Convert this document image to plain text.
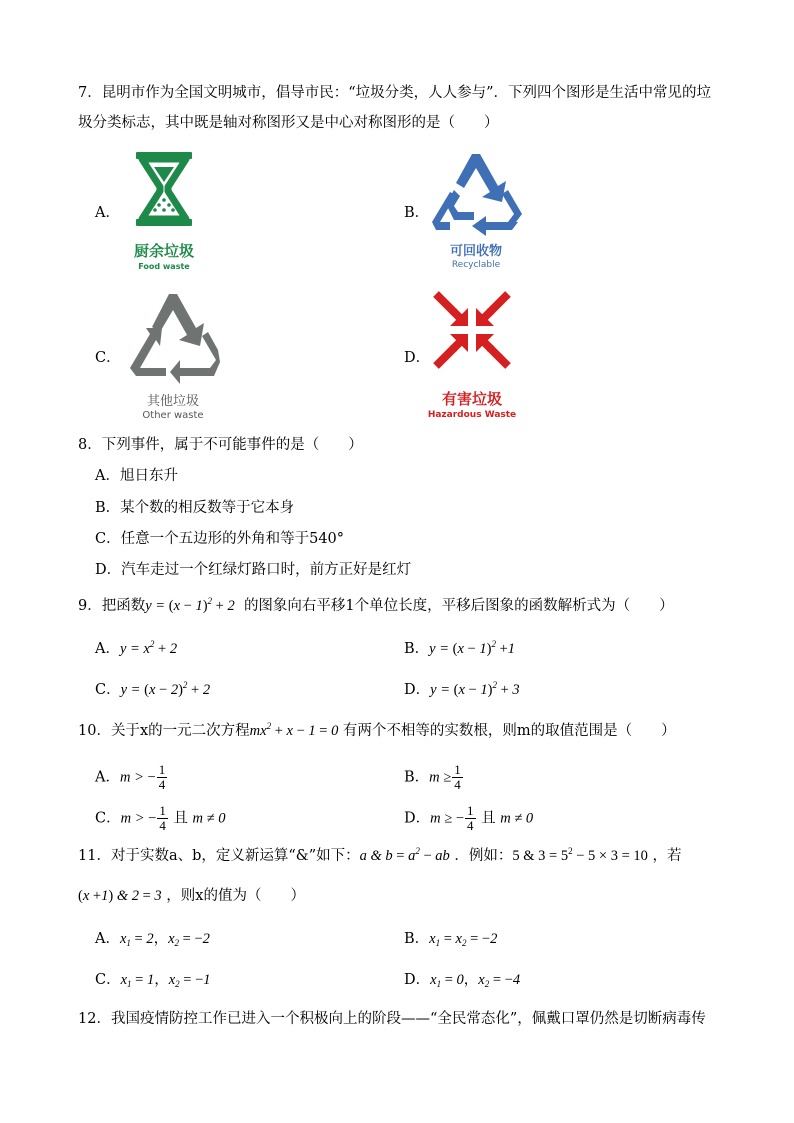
7．昆明市作为全国文明城市，倡导市民：“垃圾分类，人人参与”．下列四个图形是生活中常见的垃
圾分类标志，其中既是轴对称图形又是中心对称图形的是（　　）
A．	B．
C．	D．
厨余垃圾
Food waste
可回收物
Recyclable
其他垃圾
Other waste
有害垃圾
Hazardous Waste
8．下列事件，属于不可能事件的是（　　）
A．旭日东升
B．某个数的相反数等于它本身
C．任意一个五边形的外角和等于540°
D．汽车走过一个红绿灯路口时，前方正好是红灯
9．把函数$y = (x - 1)^2 + 2$ 的图象向右平移1个单位长度，平移后图象的函数解析式为（　　）
A．$y = x^2 + 2$	B．$y = (x - 1)^2 +1$
C．$y = (x - 2)^2 + 2$	D．$y = (x - 1)^2 + 3$
10．关于x的一元二次方程$mx^2 + x - 1 = 0$ 有两个不相等的实数根，则m的取值范围是（　　）
A．m > − $\frac{1}{4}$	B．$m \ge \frac{1}{4}$
C．m > − $\frac{1}{4}$ 且 m ≠ 0	D．m ≥ − $\frac{1}{4}$ 且 m ≠ 0
11．对于实数a、b，定义新运算“&”如下：a & $b = a^2$ − ab ．例如：5 & $3 = 5^2 - 5 \times 3 = 10$ ，若
(x +1) & 2 = 3 ，则x的值为（　　）
A．$x_1 = 2$，$x_2 = -2$	B．$x_1 = x_2 = -2$
C．$x_1 = 1$，$x_2 = -1$	D．$x_1 = 0$，$x_2 = -4$
12．我国疫情防控工作已进入一个积极向上的阶段——“全民常态化”，佩戴口罩仍然是切断病毒传
